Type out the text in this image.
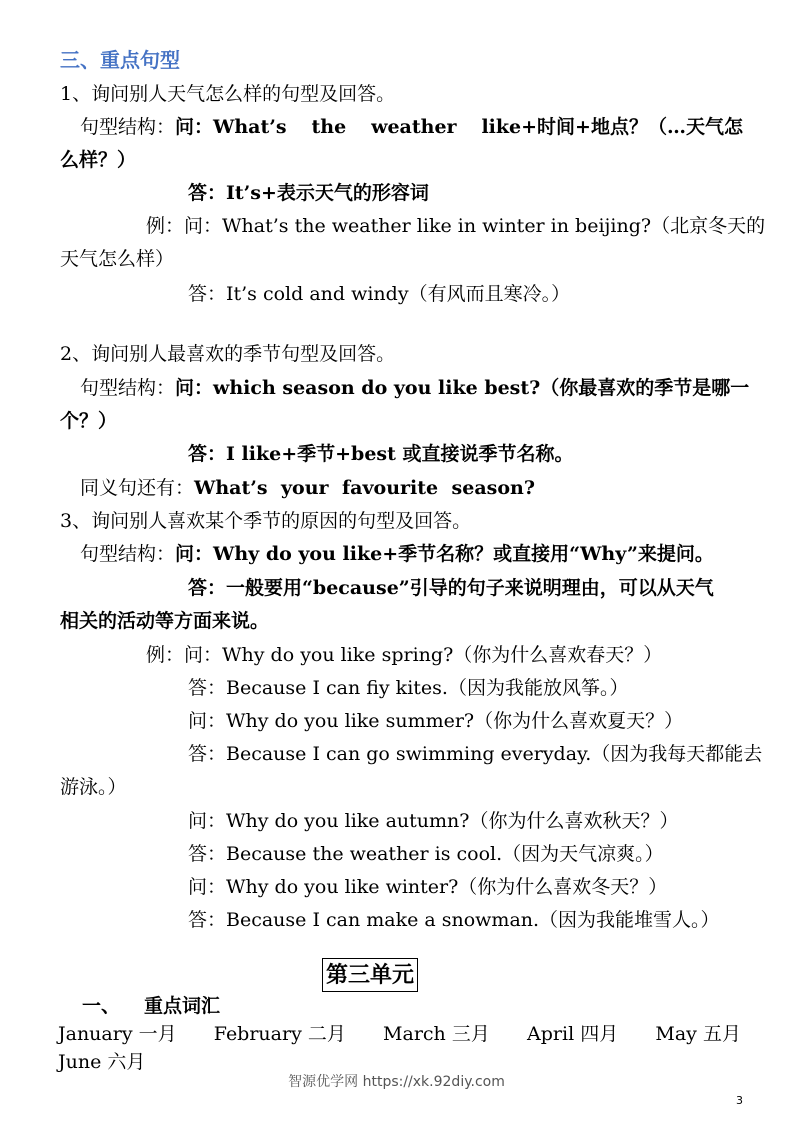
三、重点句型
1、询问别人天气怎么样的句型及回答。
句型结构：问：What’s the weather like+时间+地点？（…天气怎
么样？）
答：It’s+表示天气的形容词
例：问：What’s the weather like in winter in beijing?（北京冬天的
天气怎么样）
答：It’s cold and windy（有风而且寒冷。）
2、询问别人最喜欢的季节句型及回答。
句型结构：问：which season do you like best?（你最喜欢的季节是哪一
个？）
答：I like+季节+best 或直接说季节名称。
同义句还有：What’s your favourite season?
3、询问别人喜欢某个季节的原因的句型及回答。
句型结构：问：Why do you like+季节名称？或直接用“Why”来提问。
答：一般要用“because”引导的句子来说明理由，可以从天气
相关的活动等方面来说。
例：问：Why do you like spring?（你为什么喜欢春天？）
答：Because I can fiy kites.（因为我能放风筝。）
问：Why do you like summer?（你为什么喜欢夏天？）
答：Because I can go swimming everyday.（因为我每天都能去
游泳。）
问：Why do you like autumn?（你为什么喜欢秋天？）
答：Because the weather is cool.（因为天气凉爽。）
问：Why do you like winter?（你为什么喜欢冬天？）
答：Because I can make a snowman.（因为我能堆雪人。）
第三单元
一、 重点词汇
January 一月 February 二月 March 三月 April 四月 May 五月
June 六月
智源优学网 https://xk.92diy.com
3
